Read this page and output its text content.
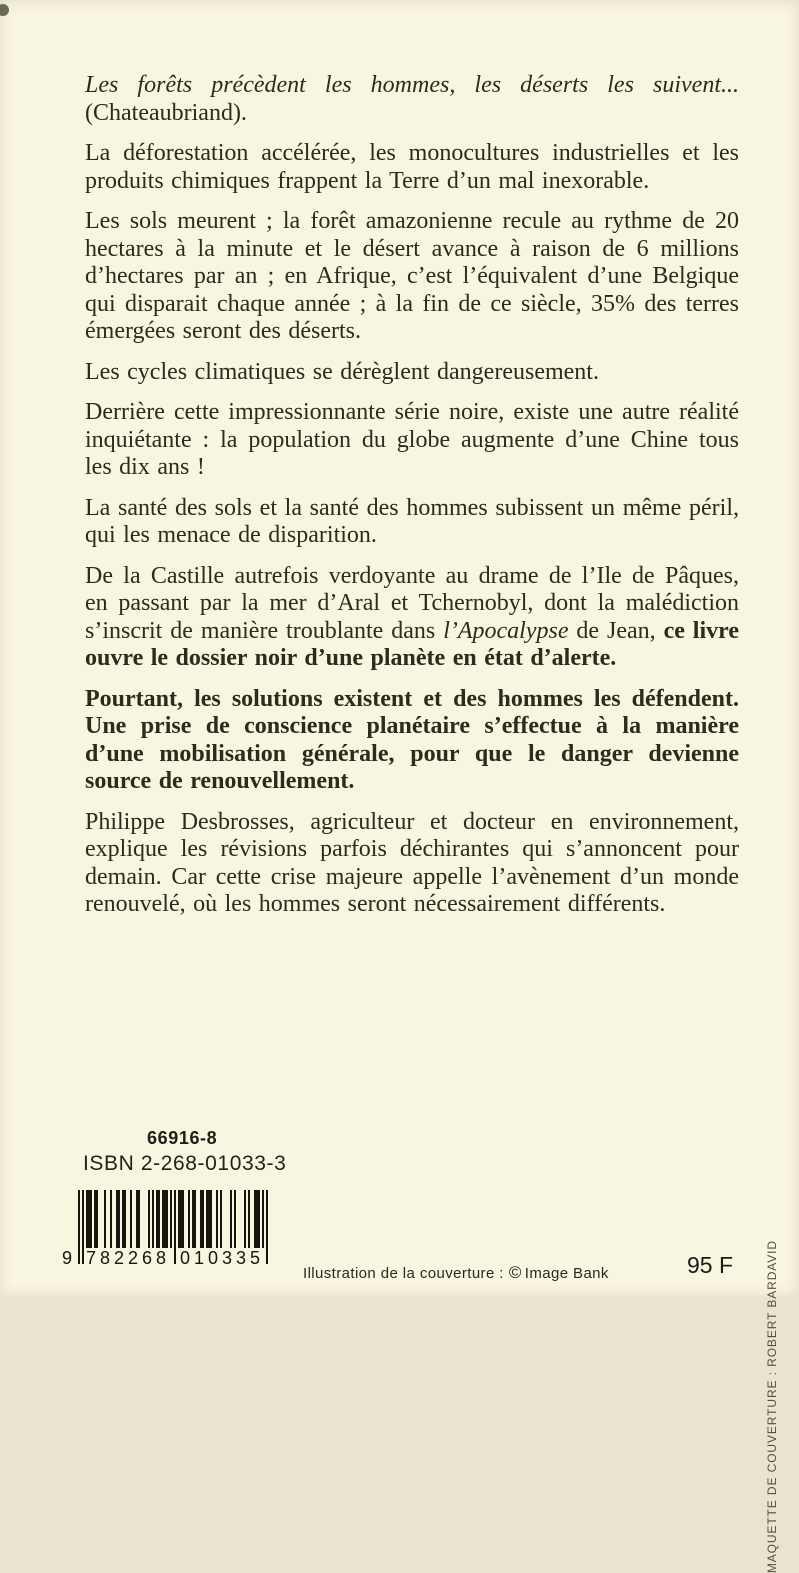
Les forêts précèdent les hommes, les déserts les suivent...

(Chateaubriand).

La déforestation accélérée, les monocultures industrielles et les produits chimiques frappent la Terre d’un mal inexorable.

Les sols meurent ; la forêt amazonienne recule au rythme de 20 hectares à la minute et le désert avance à raison de 6 millions d’hectares par an ; en Afrique, c’est l’équivalent d’une Belgique qui disparait chaque année ; à la fin de ce siècle, 35% des terres émergées seront des déserts.

Les cycles climatiques se dérèglent dangereusement.

Derrière cette impressionnante série noire, existe une autre réalité inquiétante : la population du globe augmente d’une Chine tous les dix ans !

La santé des sols et la santé des hommes subissent un même péril, qui les menace de disparition.

De la Castille autrefois verdoyante au drame de l’Ile de Pâques, en passant par la mer d’Aral et Tchernobyl, dont la malédiction s’inscrit de manière troublante dans l’Apocalypse de Jean, ce livre ouvre le dossier noir d’une planète en état d’alerte.

Pourtant, les solutions existent et des hommes les défendent. Une prise de conscience planétaire s’effectue à la manière d’une mobilisation générale, pour que le danger devienne source de renouvellement.

Philippe Desbrosses, agriculteur et docteur en environnement, explique les révisions parfois déchirantes qui s’annoncent pour demain. Car cette crise majeure appelle l’avènement d’un monde renouvelé, où les hommes seront nécessairement différents.

66916-8
ISBN 2-268-01033-3
9 782268 010335
Illustration de la couverture : © Image Bank	95 F	MAQUETTE DE COUVERTURE : ROBERT BARDAVID
